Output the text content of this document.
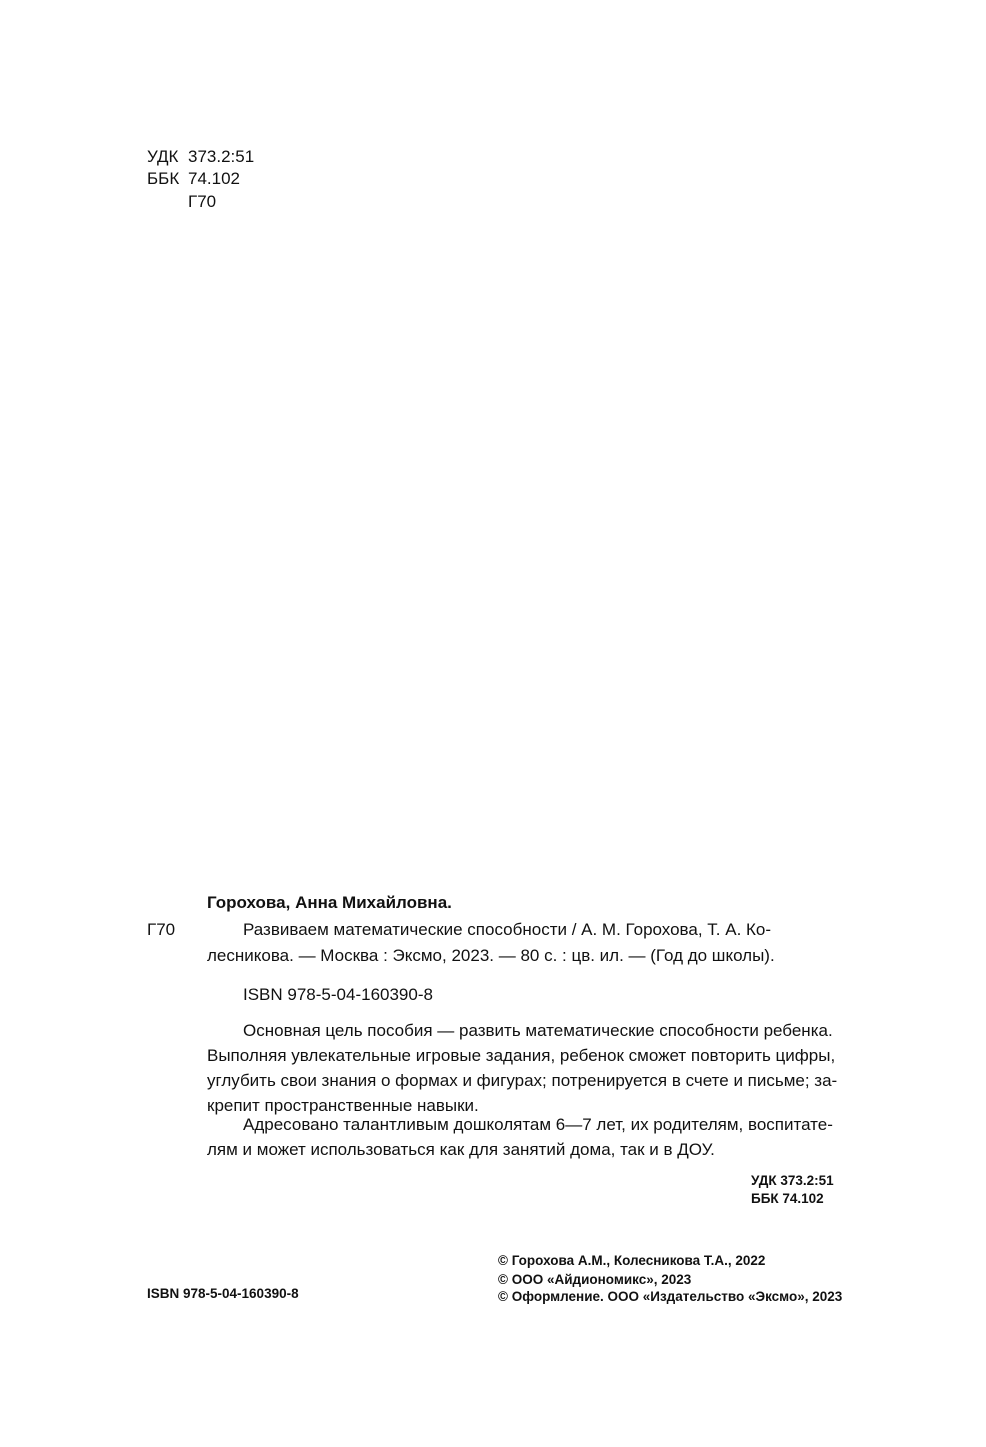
УДК 373.2:51
ББК 74.102
Г70
Горохова, Анна Михайловна.
Г70	Развиваем математические способности / А. М. Горохова, Т. А. Ко-
лесникова. — Москва : Эксмо, 2023. — 80 с. : цв. ил. — (Год до школы).
ISBN 978-5-04-160390-8
Основная цель пособия — развить математические способности ребенка.
Выполняя увлекательные игровые задания, ребенок сможет повторить цифры,
углубить свои знания о формах и фигурах; потренируется в счете и письме; за-
крепит пространственные навыки.
Адресовано талантливым дошколятам 6—7 лет, их родителям, воспитате-
лям и может использоваться как для занятий дома, так и в ДОУ.
УДК 373.2:51
ББК 74.102
© Горохова А.М., Колесникова Т.А., 2022
© ООО «Айдиономикс», 2023
© Оформление. ООО «Издательство «Эксмо», 2023
ISBN 978-5-04-160390-8
